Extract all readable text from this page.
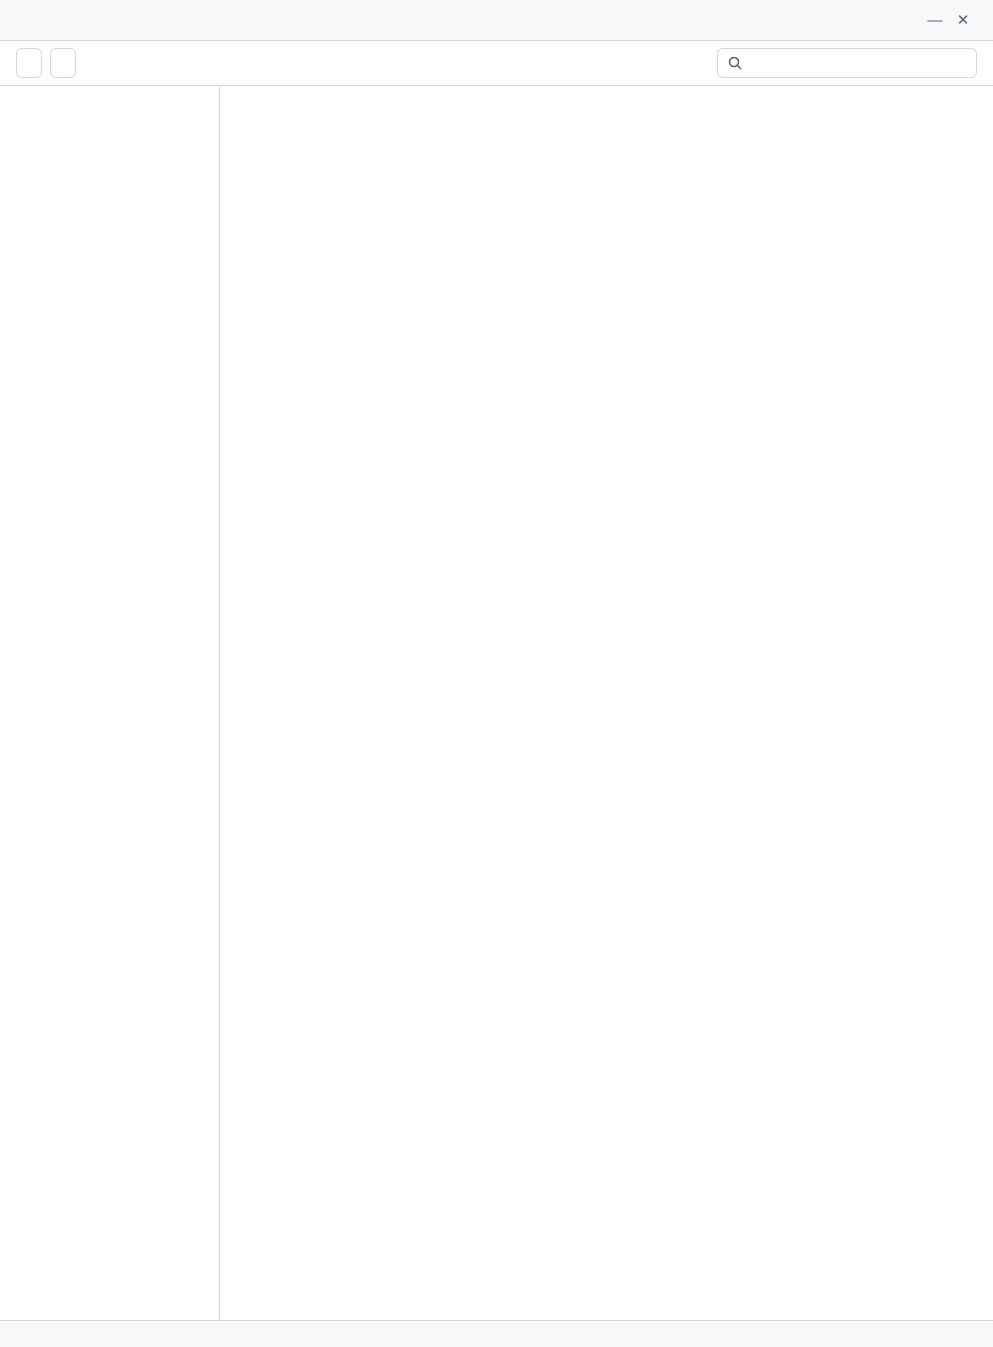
— ✕
